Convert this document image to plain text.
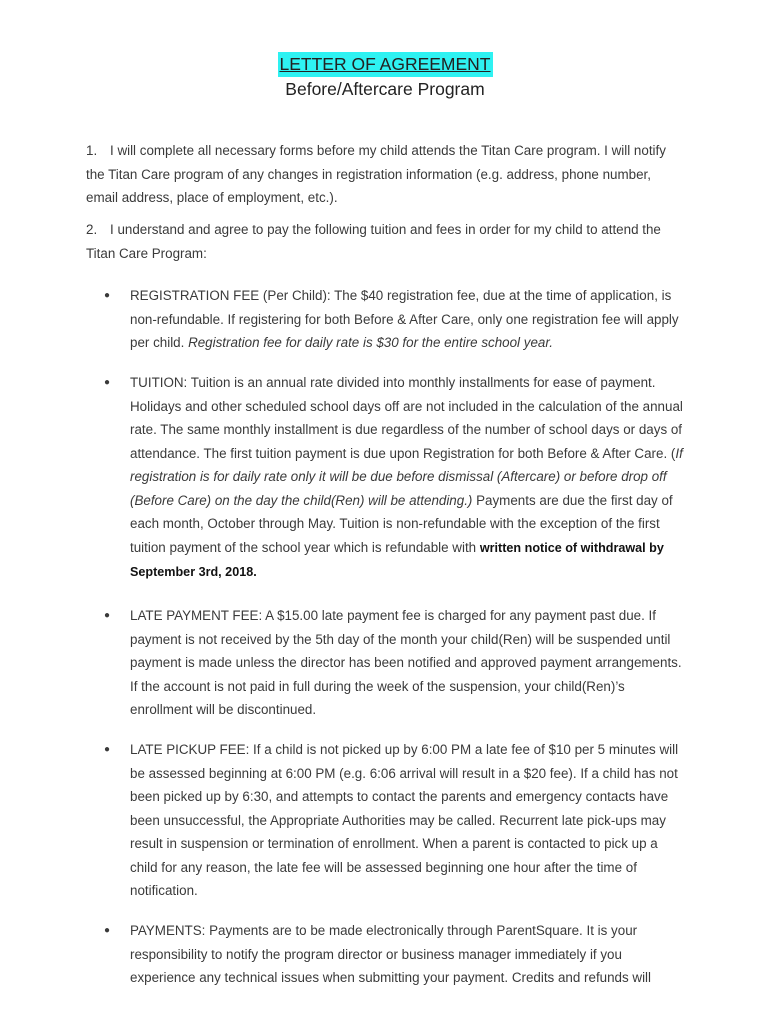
LETTER OF AGREEMENT
Before/Aftercare Program
1. I will complete all necessary forms before my child attends the Titan Care program. I will notify the Titan Care program of any changes in registration information (e.g. address, phone number, email address, place of employment, etc.).
2. I understand and agree to pay the following tuition and fees in order for my child to attend the Titan Care Program:
● REGISTRATION FEE (Per Child): The $40 registration fee, due at the time of application, is non-refundable. If registering for both Before & After Care, only one registration fee will apply per child. Registration fee for daily rate is $30 for the entire school year.
● TUITION: Tuition is an annual rate divided into monthly installments for ease of payment. Holidays and other scheduled school days off are not included in the calculation of the annual rate. The same monthly installment is due regardless of the number of school days or days of attendance. The first tuition payment is due upon Registration for both Before & After Care. (If registration is for daily rate only it will be due before dismissal (Aftercare) or before drop off (Before Care) on the day the child(Ren) will be attending.) Payments are due the first day of each month, October through May. Tuition is non-refundable with the exception of the first tuition payment of the school year which is refundable with written notice of withdrawal by September 3rd, 2018.
● LATE PAYMENT FEE: A $15.00 late payment fee is charged for any payment past due. If payment is not received by the 5th day of the month your child(Ren) will be suspended until payment is made unless the director has been notified and approved payment arrangements. If the account is not paid in full during the week of the suspension, your child(Ren)’s enrollment will be discontinued.
● LATE PICKUP FEE: If a child is not picked up by 6:00 PM a late fee of $10 per 5 minutes will be assessed beginning at 6:00 PM (e.g. 6:06 arrival will result in a $20 fee). If a child has not been picked up by 6:30, and attempts to contact the parents and emergency contacts have been unsuccessful, the Appropriate Authorities may be called. Recurrent late pick-ups may result in suspension or termination of enrollment. When a parent is contacted to pick up a child for any reason, the late fee will be assessed beginning one hour after the time of notification.
● PAYMENTS: Payments are to be made electronically through ParentSquare. It is your responsibility to notify the program director or business manager immediately if you experience any technical issues when submitting your payment. Credits and refunds will
